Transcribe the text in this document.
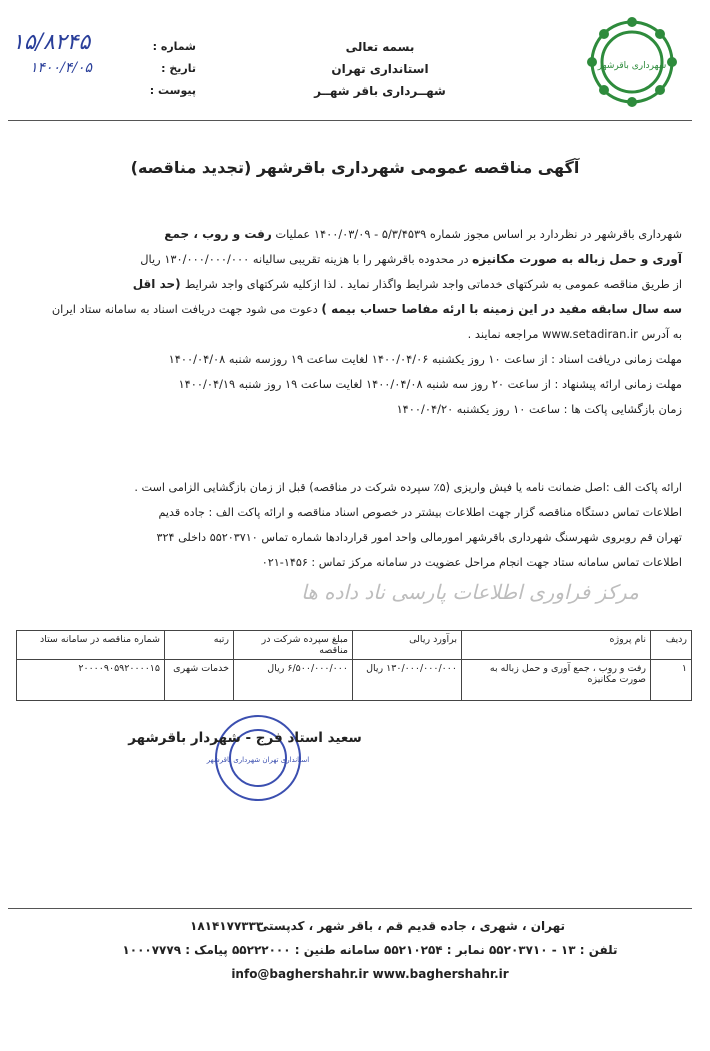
شهرداری باقرشهر
بسمه تعالی
استانداری تهران
شهــرداری باقر شهــر
شماره :
تاریخ :
پیوست :
۱۵/۸۲۴۵
۱۴۰۰/۴/۰۵
آگهی مناقصه عمومی شهرداری باقرشهر (تجدید مناقصه)
شهرداری باقرشهر در نظردارد بر اساس مجوز شماره ۵/۳/۴۵۳۹ - ۱۴۰۰/۰۳/۰۹ عملیات رفت و روب ، جمع
آوری و حمل زباله به صورت مکانیزه در محدوده باقرشهر را با هزینه تقریبی سالیانه ۱۳۰/۰۰۰/۰۰۰/۰۰۰ ریال
از طریق مناقصه عمومی به شرکتهای خدماتی واجد شرایط واگذار نماید . لذا ازکلیه شرکتهای واجد شرایط (حد اقل
سه سال سابقه مفید در این زمینه با ارئه مفاصا حساب بیمه ) دعوت می شود جهت دریافت اسناد به سامانه ستاد ایران
به آدرس www.setadiran.ir مراجعه نمایند .
مهلت زمانی دریافت اسناد : از ساعت ۱۰ روز یکشنبه ۱۴۰۰/۰۴/۰۶ لغایت ساعت ۱۹ روزسه شنبه ۱۴۰۰/۰۴/۰۸
مهلت زمانی ارائه پیشنهاد : از ساعت ۲۰ روز سه شنبه ۱۴۰۰/۰۴/۰۸ لغایت ساعت ۱۹ روز شنبه ۱۴۰۰/۰۴/۱۹
زمان بازگشایی پاکت ها : ساعت ۱۰ روز یکشنبه ۱۴۰۰/۰۴/۲۰
ارائه پاکت الف :اصل ضمانت نامه یا فیش واریزی (۵٪ سپرده شرکت در مناقصه) قبل از زمان بازگشایی الزامی است .
اطلاعات تماس دستگاه مناقصه گزار جهت اطلاعات بیشتر در خصوص اسناد مناقصه و ارائه پاکت الف : جاده قدیم
تهران قم روبروی شهرسنگ شهرداری باقرشهر امورمالی واحد امور قراردادها شماره تماس ۵۵۲۰۳۷۱۰ داخلی ۳۲۴
اطلاعات تماس سامانه ستاد جهت انجام مراحل عضویت در سامانه مرکز تماس : ۱۴۵۶-۰۲۱
مرکز فراوری اطلاعات پارسی ناد داده ها
ردیف	نام پروژه	برآورد ریالی	مبلغ سپرده شرکت در مناقصه	رتبه	شماره مناقصه در سامانه ستاد
۱	رفت و روب ، جمع آوری و حمل زباله به صورت مکانیزه	۱۳۰/۰۰۰/۰۰۰/۰۰۰ ریال	۶/۵۰۰/۰۰۰/۰۰۰ ریال	خدمات شهری	۲۰۰۰۰۹۰۵۹۲۰۰۰۰۱۵
استانداری تهران شهرداری باقرشهر
سعید استاد فرج - شهردار باقرشهر
تهران ، شهری ، جاده قدیم قم ، باقر شهر ، کدپستی
۱۸۱۴۱۷۷۳۳۳
تلفن : ۱۳ - ۵۵۲۰۳۷۱۰ نمابر : ۵۵۲۱۰۲۵۴ سامانه طنین : ۵۵۲۲۲۰۰۰ پیامک : ۱۰۰۰۷۷۷۹
info@baghershahr.ir www.baghershahr.ir
